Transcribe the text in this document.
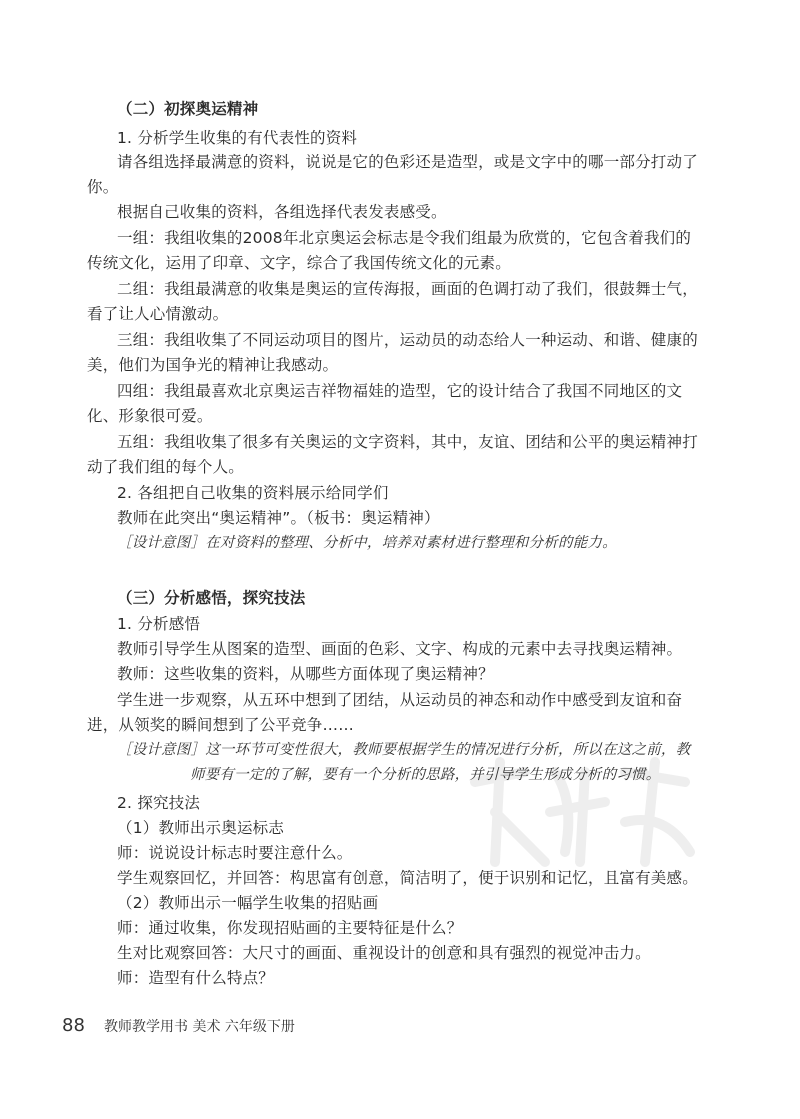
（二）初探奥运精神
1. 分析学生收集的有代表性的资料
请各组选择最满意的资料，说说是它的色彩还是造型，或是文字中的哪一部分打动了
你。
根据自己收集的资料，各组选择代表发表感受。
一组：我组收集的2008年北京奥运会标志是令我们组最为欣赏的，它包含着我们的
传统文化，运用了印章、文字，综合了我国传统文化的元素。
二组：我组最满意的收集是奥运的宣传海报，画面的色调打动了我们，很鼓舞士气，
看了让人心情激动。
三组：我组收集了不同运动项目的图片，运动员的动态给人一种运动、和谐、健康的
美，他们为国争光的精神让我感动。
四组：我组最喜欢北京奥运吉祥物福娃的造型，它的设计结合了我国不同地区的文
化、形象很可爱。
五组：我组收集了很多有关奥运的文字资料，其中，友谊、团结和公平的奥运精神打
动了我们组的每个人。
2. 各组把自己收集的资料展示给同学们
教师在此突出“奥运精神”。（板书：奥运精神）
［设计意图］在对资料的整理、分析中，培养对素材进行整理和分析的能力。
（三）分析感悟，探究技法
1. 分析感悟
教师引导学生从图案的造型、画面的色彩、文字、构成的元素中去寻找奥运精神。
教师：这些收集的资料，从哪些方面体现了奥运精神？
学生进一步观察，从五环中想到了团结，从运动员的神态和动作中感受到友谊和奋
进，从领奖的瞬间想到了公平竞争……
［设计意图］这一环节可变性很大，教师要根据学生的情况进行分析，所以在这之前，教
师要有一定的了解，要有一个分析的思路，并引导学生形成分析的习惯。
2. 探究技法
（1）教师出示奥运标志
师：说说设计标志时要注意什么。
学生观察回忆，并回答：构思富有创意，简洁明了，便于识别和记忆，且富有美感。
（2）教师出示一幅学生收集的招贴画
师：通过收集，你发现招贴画的主要特征是什么？
生对比观察回答：大尺寸的画面、重视设计的创意和具有强烈的视觉冲击力。
师：造型有什么特点？
88 教师教学用书 美术 六年级下册
